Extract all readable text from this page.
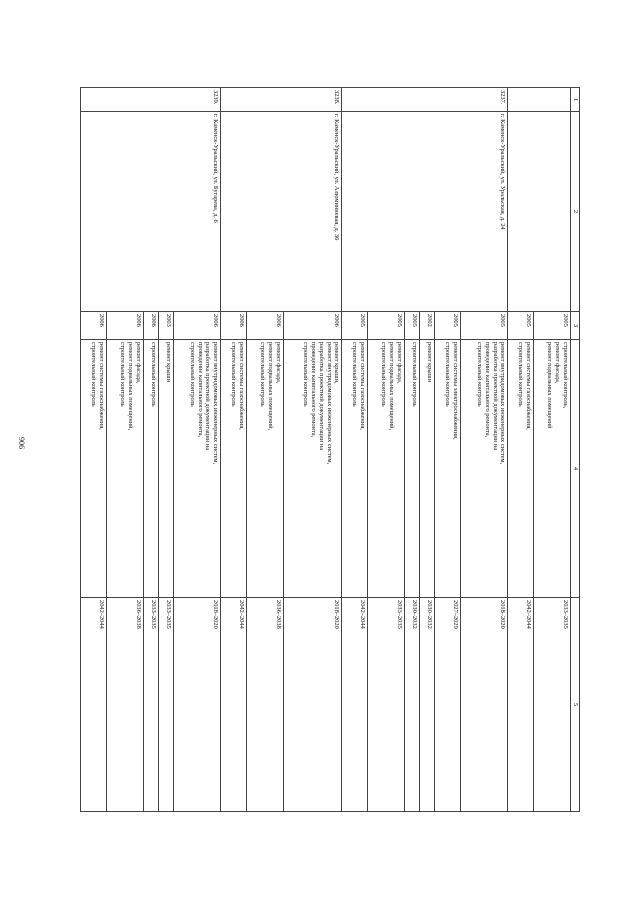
906
1	2	3	4	5
		2005	строительный контроль,
ремонт фасада,
ремонт подвальных помещений	2033–2035
		2005	ремонт системы газоснабжения,
строительный контроль	2042–2044
3237.	г. Каменск-Уральский, ул. Уральская, д. 24	2005	ремонт внутридомовых инженерных систем,
разработка проектной документации на
проведение капитального ремонта,
строительный контроль	2018–2020
		2005	ремонт системы электроснабжения,
строительный контроль	2027–2029
		2002	ремонт крыши	2030–2032
		2005	строительный контроль	2030–2032
		2005	ремонт фасада,
ремонт подвальных помещений,
строительный контроль	2033–2035
		2005	ремонт системы газоснабжения,
строительный контроль	2042–2044
3238.	г. Каменск-Уральский, ул. Алюминиевая, д. 36	2006	ремонт крыши,
ремонт внутридомовых инженерных систем,
разработка проектной документации на
проведение капитального ремонта,
строительный контроль	2018–2020
		2006	ремонт фасада,
ремонт подвальных помещений,
строительный контроль	2036–2038
		2006	ремонт системы газоснабжения,
строительный контроль	2042–2044
3239.	г. Каменск-Уральский, ул. Бугарева, д. 6	2006	ремонт внутридомовых инженерных систем,
разработка проектной документации на
проведение капитального ремонта,
строительный контроль	2018–2020
		2003	ремонт крыши	2033–2035
		2006	строительный контроль	2033–2035
		2006	ремонт фасада,
ремонт подвальных помещений,
строительный контроль	2036–2038
		2006	ремонт системы газоснабжения,
строительный контроль	2042–2044
